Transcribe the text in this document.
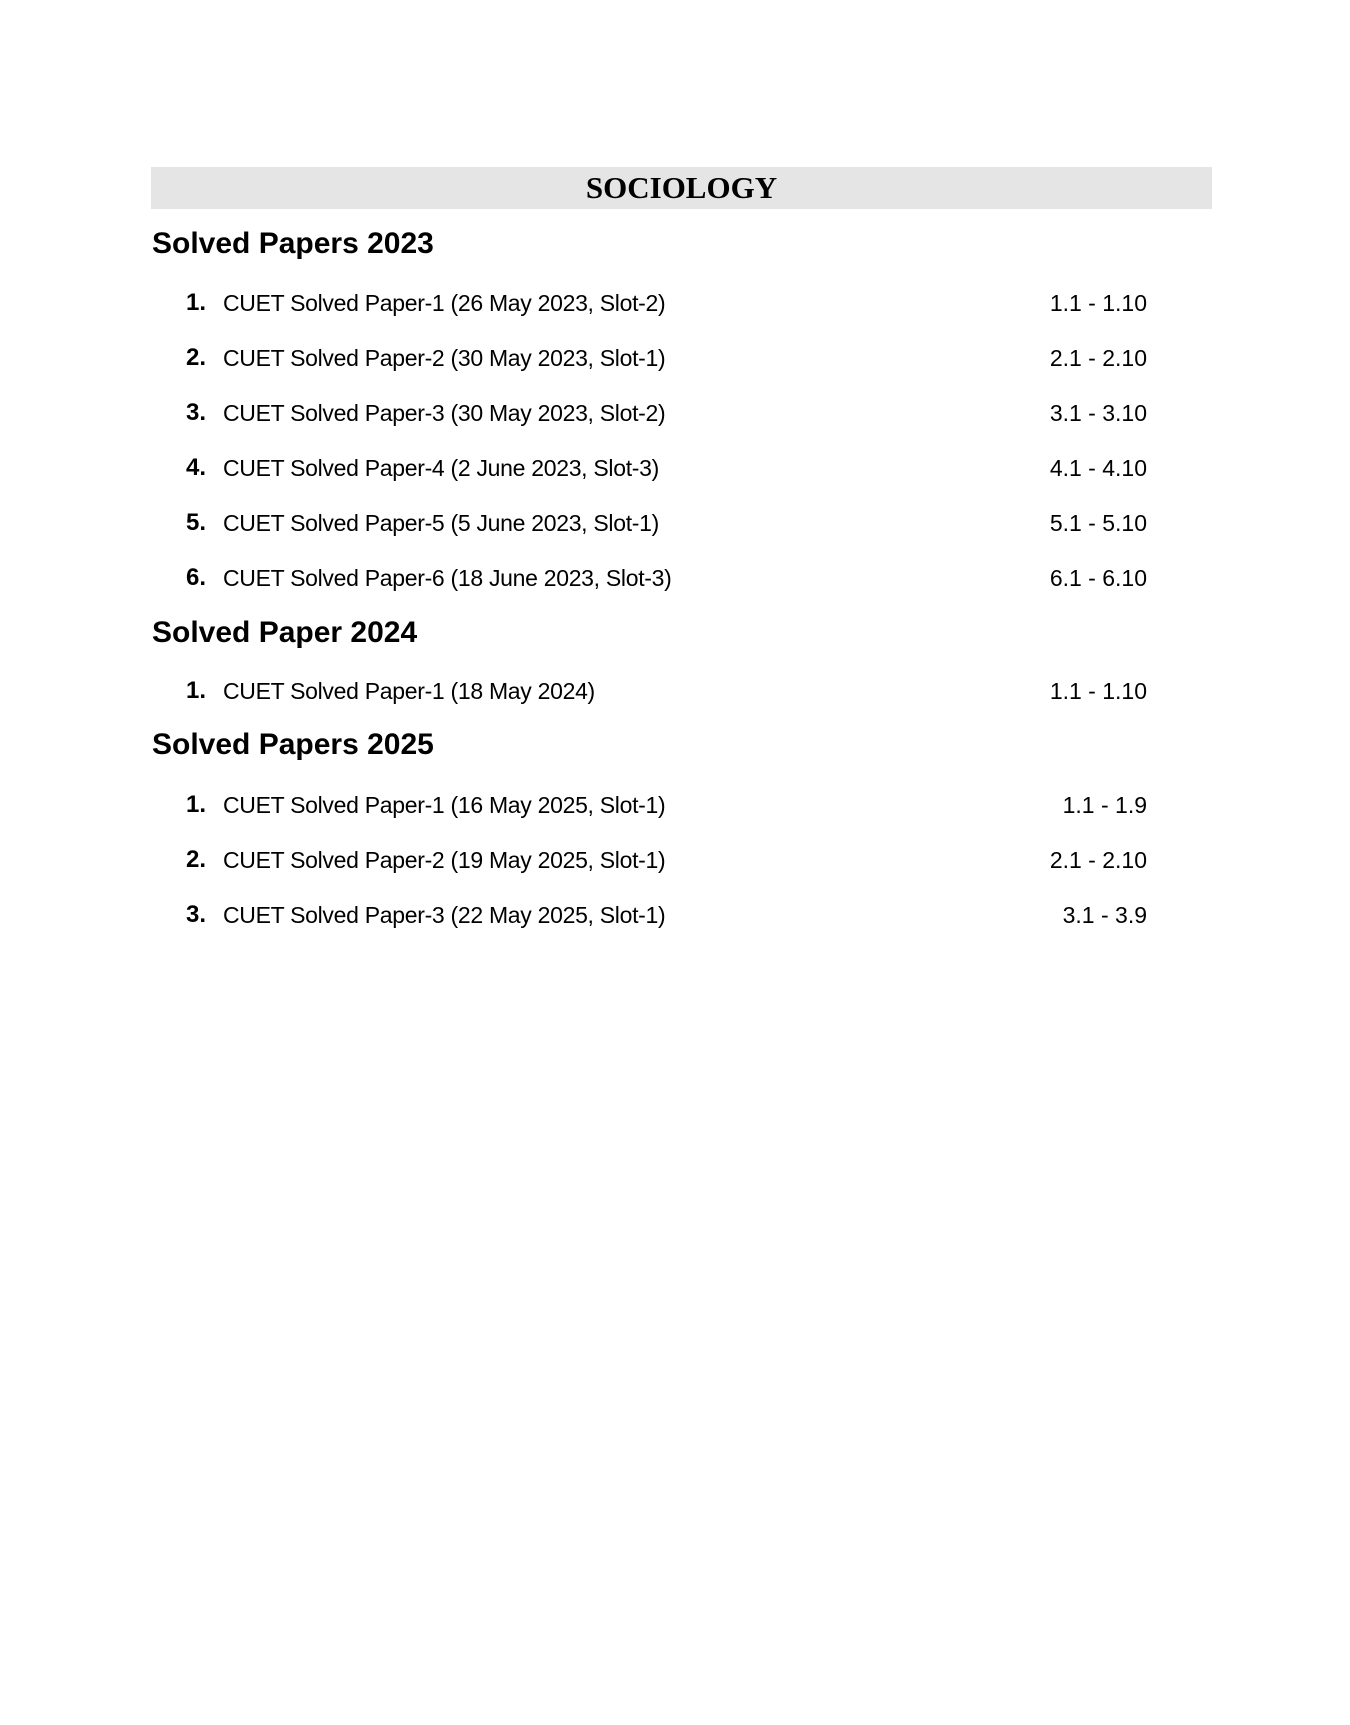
SOCIOLOGY
Solved Papers 2023
1. CUET Solved Paper-1 (26 May 2023, Slot-2)	1.1 - 1.10
2. CUET Solved Paper-2 (30 May 2023, Slot-1)	2.1 - 2.10
3. CUET Solved Paper-3 (30 May 2023, Slot-2)	3.1 - 3.10
4. CUET Solved Paper-4 (2 June 2023, Slot-3)	4.1 - 4.10
5. CUET Solved Paper-5 (5 June 2023, Slot-1)	5.1 - 5.10
6. CUET Solved Paper-6 (18 June 2023, Slot-3)	6.1 - 6.10
Solved Paper 2024
1. CUET Solved Paper-1 (18 May 2024)	1.1 - 1.10
Solved Papers 2025
1. CUET Solved Paper-1 (16 May 2025, Slot-1)	1.1 - 1.9
2. CUET Solved Paper-2 (19 May 2025, Slot-1)	2.1 - 2.10
3. CUET Solved Paper-3 (22 May 2025, Slot-1)	3.1 - 3.9
